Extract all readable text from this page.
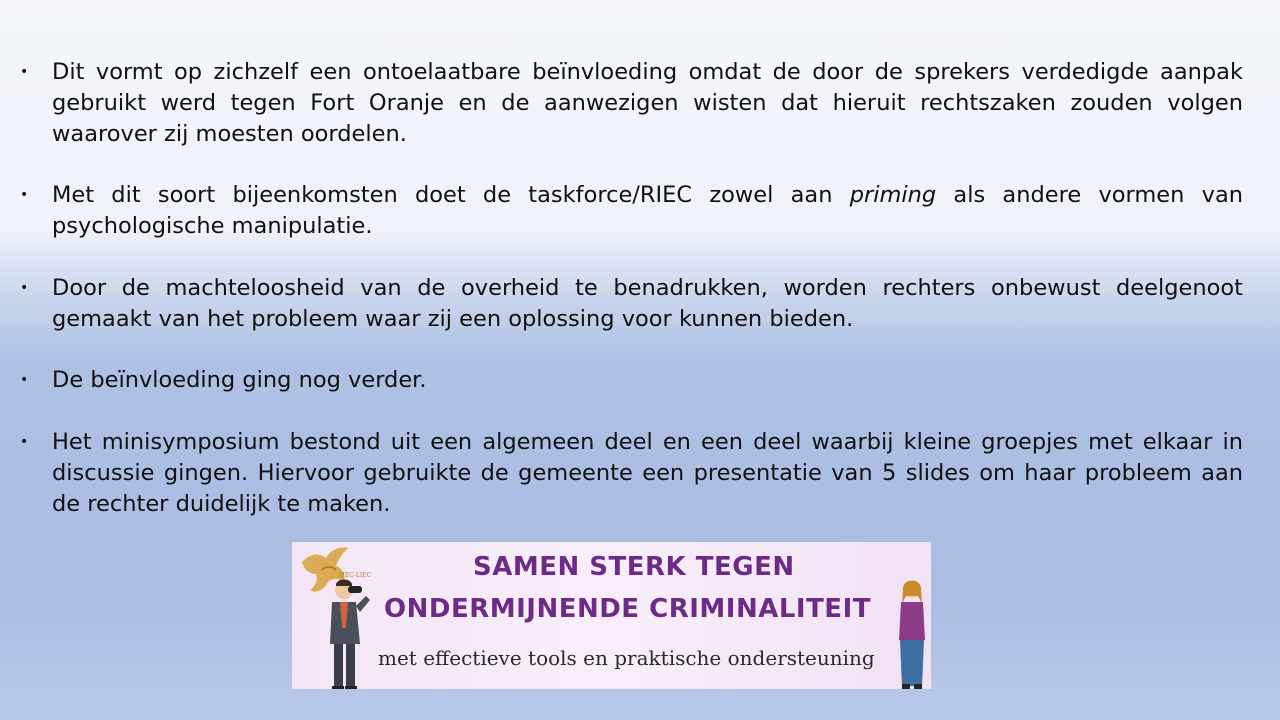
• Dit vormt op zichzelf een ontoelaatbare beïnvloeding omdat de door de sprekers verdedigde aanpak gebruikt werd tegen Fort Oranje en de aanwezigen wisten dat hieruit rechtszaken zouden volgen waarover zij moesten oordelen.
• Met dit soort bijeenkomsten doet de taskforce/RIEC zowel aan priming als andere vormen van psychologische manipulatie.
• Door de machteloosheid van de overheid te benadrukken, worden rechters onbewust deelgenoot gemaakt van het probleem waar zij een oplossing voor kunnen bieden.
• De beïnvloeding ging nog verder.
• Het minisymposium bestond uit een algemeen deel en een deel waarbij kleine groepjes met elkaar in discussie gingen. Hiervoor gebruikte de gemeente een presentatie van 5 slides om haar probleem aan de rechter duidelijk te maken.
RIEC-LIEC	SAMEN STERK TEGEN
ONDERMIJNENDE CRIMINALITEIT
met effectieve tools en praktische ondersteuning
